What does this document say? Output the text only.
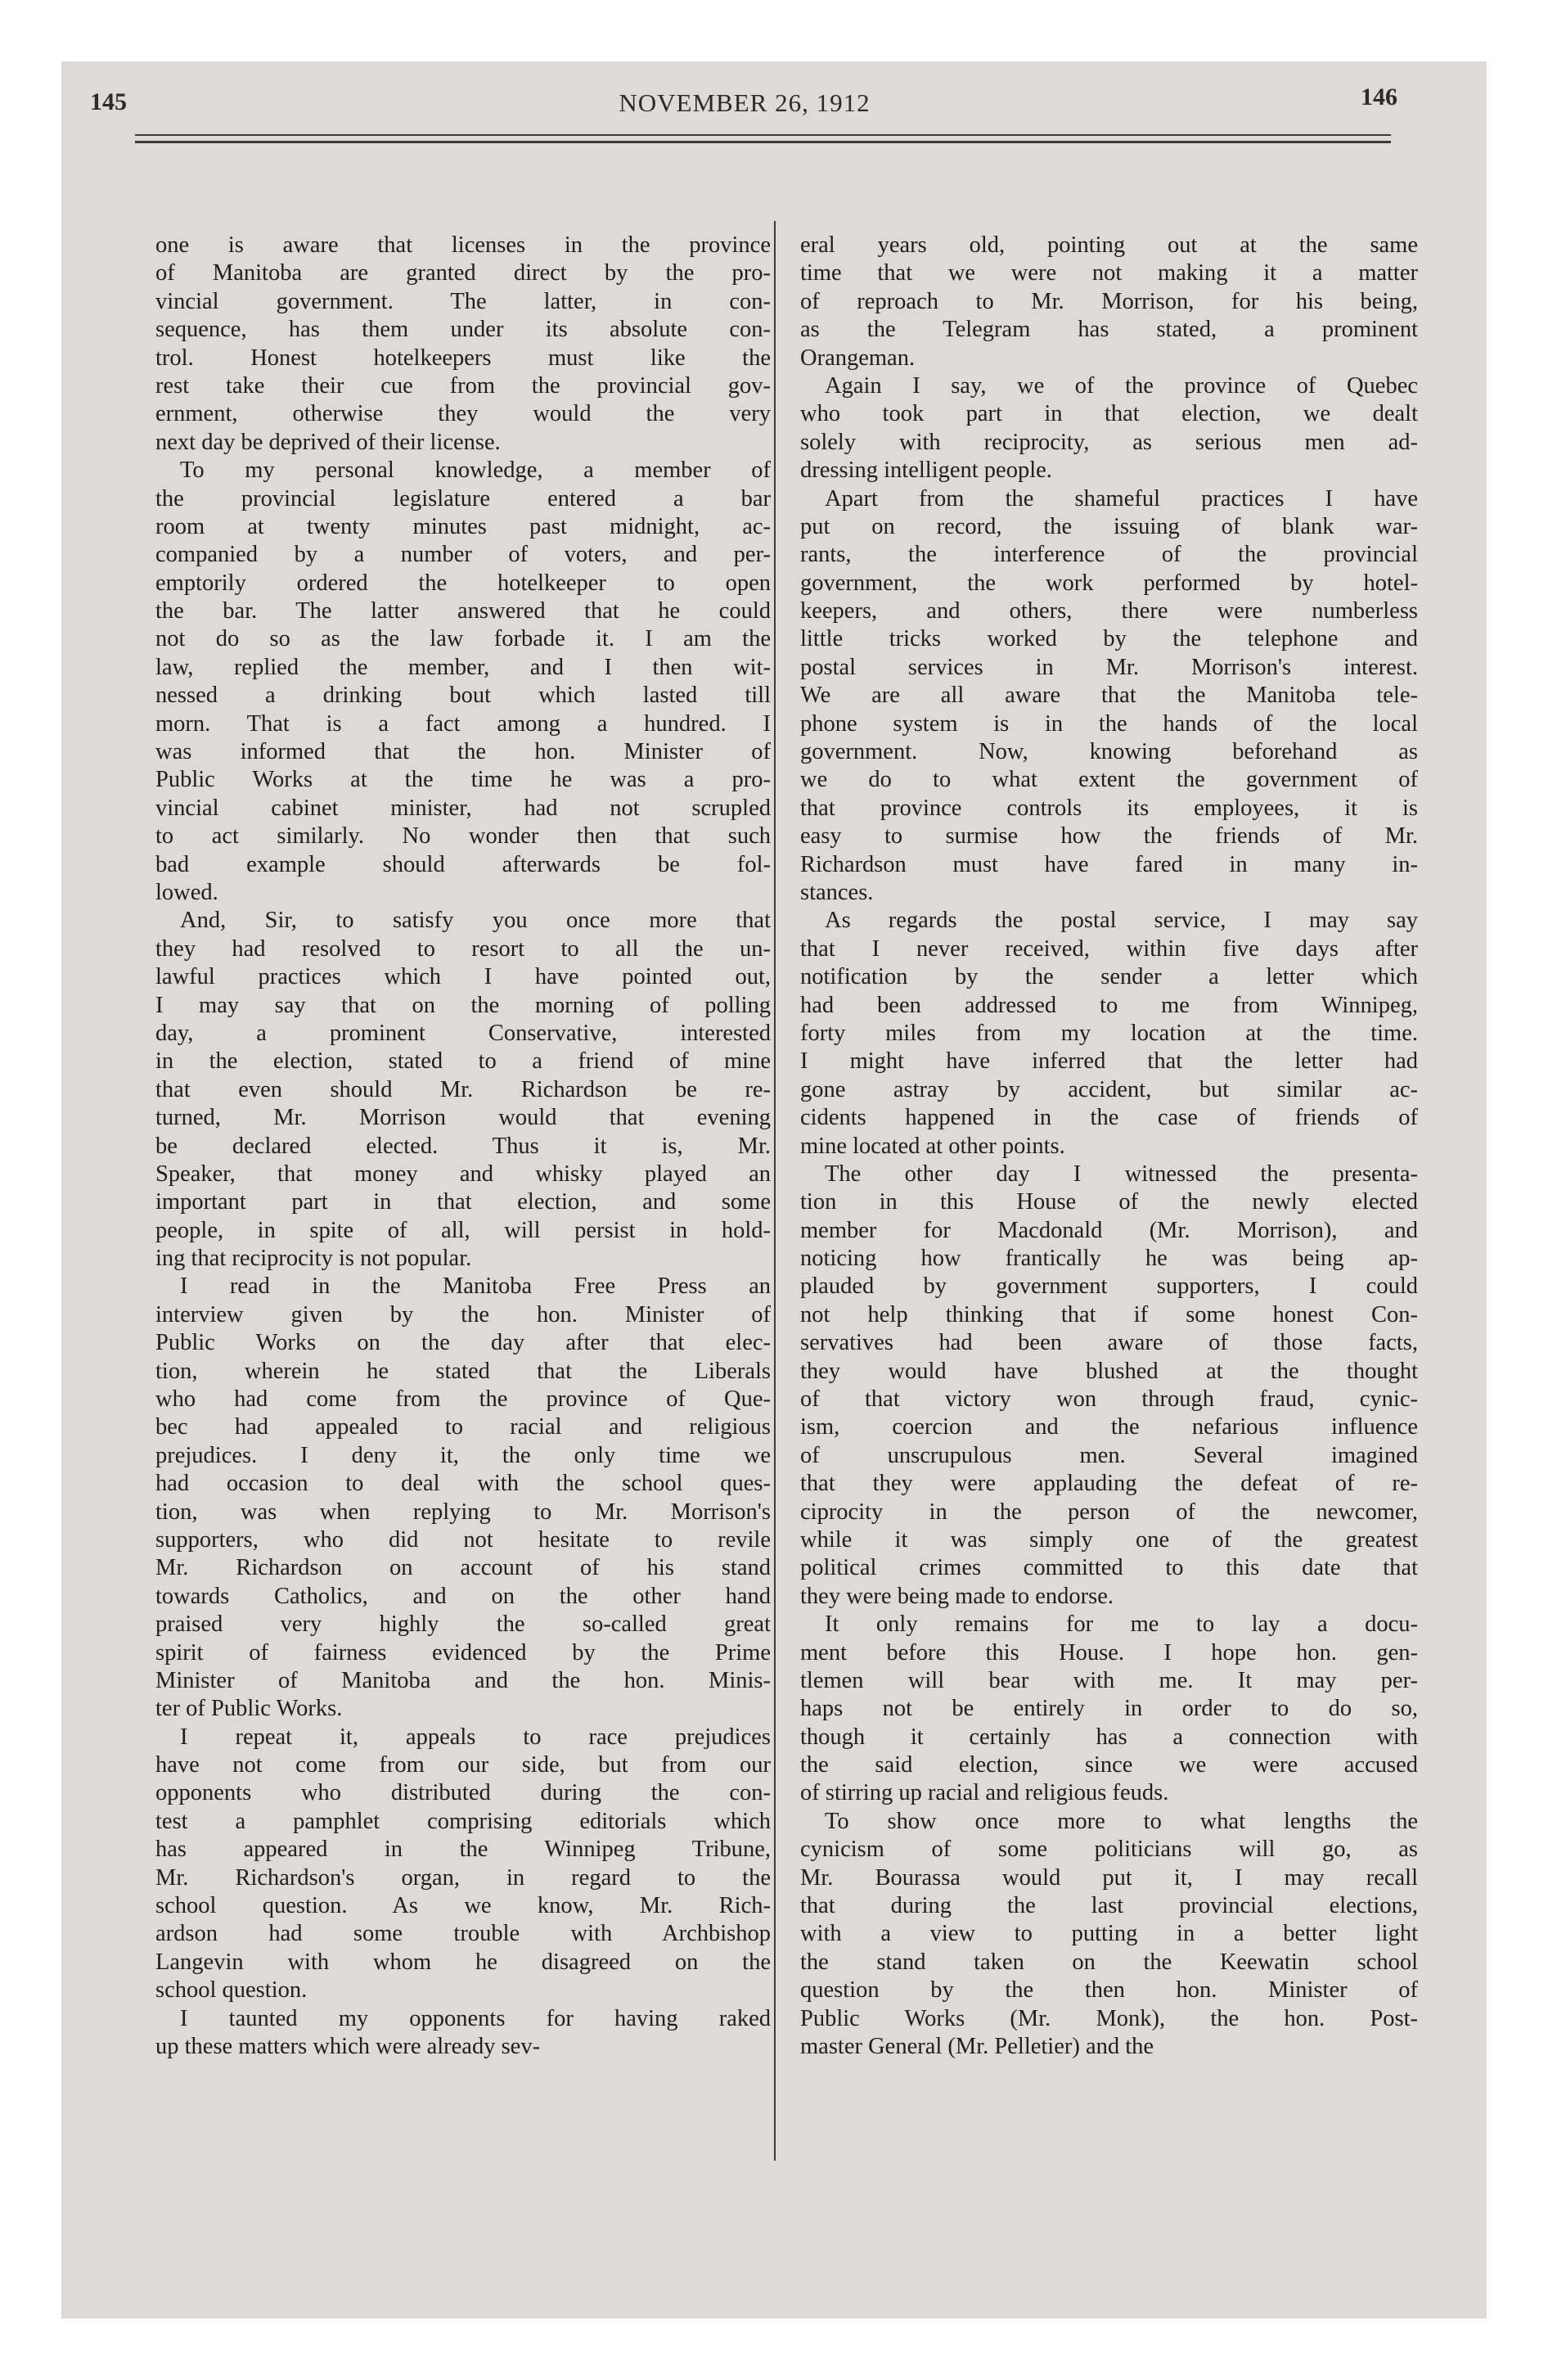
145	NOVEMBER 26, 1912	146
one is aware that licenses in the province
of Manitoba are granted direct by the pro-
vincial government. The latter, in con-
sequence, has them under its absolute con-
trol. Honest hotelkeepers must like the
rest take their cue from the provincial gov-
ernment, otherwise they would the very
next day be deprived of their license.
To my personal knowledge, a member of
the provincial legislature entered a bar
room at twenty minutes past midnight, ac-
companied by a number of voters, and per-
emptorily ordered the hotelkeeper to open
the bar. The latter answered that he could
not do so as the law forbade it. I am the
law, replied the member, and I then wit-
nessed a drinking bout which lasted till
morn. That is a fact among a hundred. I
was informed that the hon. Minister of
Public Works at the time he was a pro-
vincial cabinet minister, had not scrupled
to act similarly. No wonder then that such
bad example should afterwards be fol-
lowed.
And, Sir, to satisfy you once more that
they had resolved to resort to all the un-
lawful practices which I have pointed out,
I may say that on the morning of polling
day, a prominent Conservative, interested
in the election, stated to a friend of mine
that even should Mr. Richardson be re-
turned, Mr. Morrison would that evening
be declared elected. Thus it is, Mr.
Speaker, that money and whisky played an
important part in that election, and some
people, in spite of all, will persist in hold-
ing that reciprocity is not popular.
I read in the Manitoba Free Press an
interview given by the hon. Minister of
Public Works on the day after that elec-
tion, wherein he stated that the Liberals
who had come from the province of Que-
bec had appealed to racial and religious
prejudices. I deny it, the only time we
had occasion to deal with the school ques-
tion, was when replying to Mr. Morrison's
supporters, who did not hesitate to revile
Mr. Richardson on account of his stand
towards Catholics, and on the other hand
praised very highly the so-called great
spirit of fairness evidenced by the Prime
Minister of Manitoba and the hon. Minis-
ter of Public Works.
I repeat it, appeals to race prejudices
have not come from our side, but from our
opponents who distributed during the con-
test a pamphlet comprising editorials which
has appeared in the Winnipeg Tribune,
Mr. Richardson's organ, in regard to the
school question. As we know, Mr. Rich-
ardson had some trouble with Archbishop
Langevin with whom he disagreed on the
school question.
I taunted my opponents for having raked
up these matters which were already sev-
eral years old, pointing out at the same
time that we were not making it a matter
of reproach to Mr. Morrison, for his being,
as the Telegram has stated, a prominent
Orangeman.
Again I say, we of the province of Quebec
who took part in that election, we dealt
solely with reciprocity, as serious men ad-
dressing intelligent people.
Apart from the shameful practices I have
put on record, the issuing of blank war-
rants, the interference of the provincial
government, the work performed by hotel-
keepers, and others, there were numberless
little tricks worked by the telephone and
postal services in Mr. Morrison's interest.
We are all aware that the Manitoba tele-
phone system is in the hands of the local
government. Now, knowing beforehand as
we do to what extent the government of
that province controls its employees, it is
easy to surmise how the friends of Mr.
Richardson must have fared in many in-
stances.
As regards the postal service, I may say
that I never received, within five days after
notification by the sender a letter which
had been addressed to me from Winnipeg,
forty miles from my location at the time.
I might have inferred that the letter had
gone astray by accident, but similar ac-
cidents happened in the case of friends of
mine located at other points.
The other day I witnessed the presenta-
tion in this House of the newly elected
member for Macdonald (Mr. Morrison), and
noticing how frantically he was being ap-
plauded by government supporters, I could
not help thinking that if some honest Con-
servatives had been aware of those facts,
they would have blushed at the thought
of that victory won through fraud, cynic-
ism, coercion and the nefarious influence
of unscrupulous men. Several imagined
that they were applauding the defeat of re-
ciprocity in the person of the newcomer,
while it was simply one of the greatest
political crimes committed to this date that
they were being made to endorse.
It only remains for me to lay a docu-
ment before this House. I hope hon. gen-
tlemen will bear with me. It may per-
haps not be entirely in order to do so,
though it certainly has a connection with
the said election, since we were accused
of stirring up racial and religious feuds.
To show once more to what lengths the
cynicism of some politicians will go, as
Mr. Bourassa would put it, I may recall
that during the last provincial elections,
with a view to putting in a better light
the stand taken on the Keewatin school
question by the then hon. Minister of
Public Works (Mr. Monk), the hon. Post-
master General (Mr. Pelletier) and the
